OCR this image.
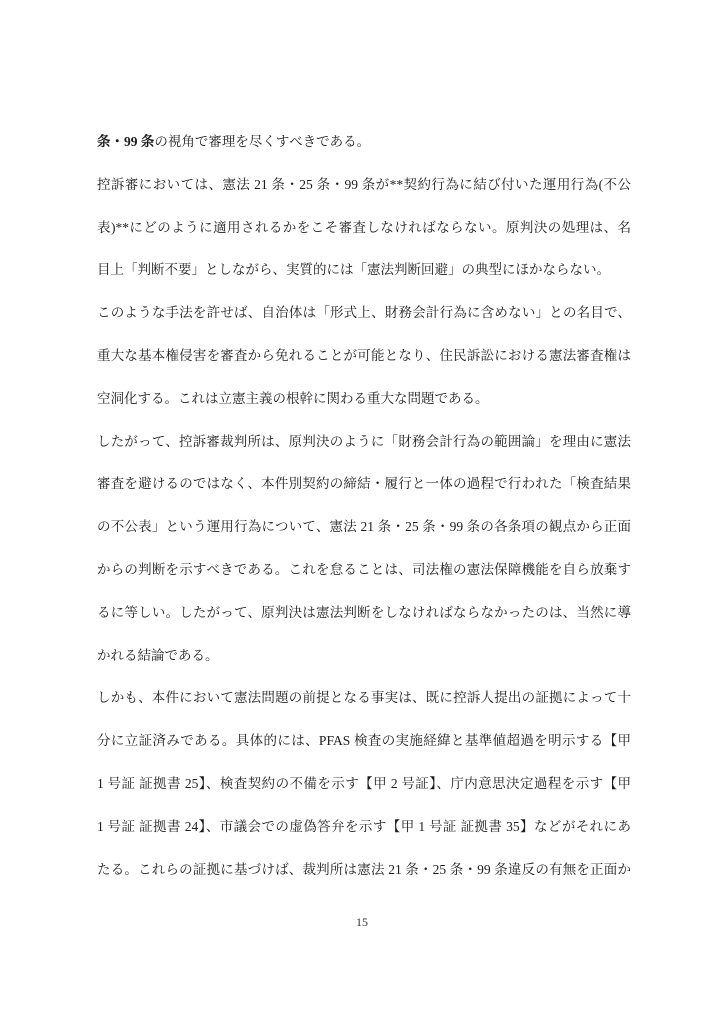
条・99 条の視角で審理を尽くすべきである。
控訴審においては、憲法 21 条・25 条・99 条が**契約行為に結び付いた運用行為(不公
表)**にどのように適用されるかをこそ審査しなければならない。原判決の処理は、名
目上「判断不要」としながら、実質的には「憲法判断回避」の典型にほかならない。
このような手法を許せば、自治体は「形式上、財務会計行為に含めない」との名目で、
重大な基本権侵害を審査から免れることが可能となり、住民訴訟における憲法審査権は
空洞化する。これは立憲主義の根幹に関わる重大な問題である。
したがって、控訴審裁判所は、原判決のように「財務会計行為の範囲論」を理由に憲法
審査を避けるのではなく、本件別契約の締結・履行と一体の過程で行われた「検査結果
の不公表」という運用行為について、憲法 21 条・25 条・99 条の各条項の観点から正面
からの判断を示すべきである。これを怠ることは、司法権の憲法保障機能を自ら放棄す
るに等しい。したがって、原判決は憲法判断をしなければならなかったのは、当然に導
かれる結論である。
しかも、本件において憲法問題の前提となる事実は、既に控訴人提出の証拠によって十
分に立証済みである。具体的には、PFAS 検査の実施経緯と基準値超過を明示する【甲
1 号証 証拠書 25】、検査契約の不備を示す【甲 2 号証】、庁内意思決定過程を示す【甲
1 号証 証拠書 24】、市議会での虚偽答弁を示す【甲 1 号証 証拠書 35】などがそれにあ
たる。これらの証拠に基づけば、裁判所は憲法 21 条・25 条・99 条違反の有無を正面か
15
